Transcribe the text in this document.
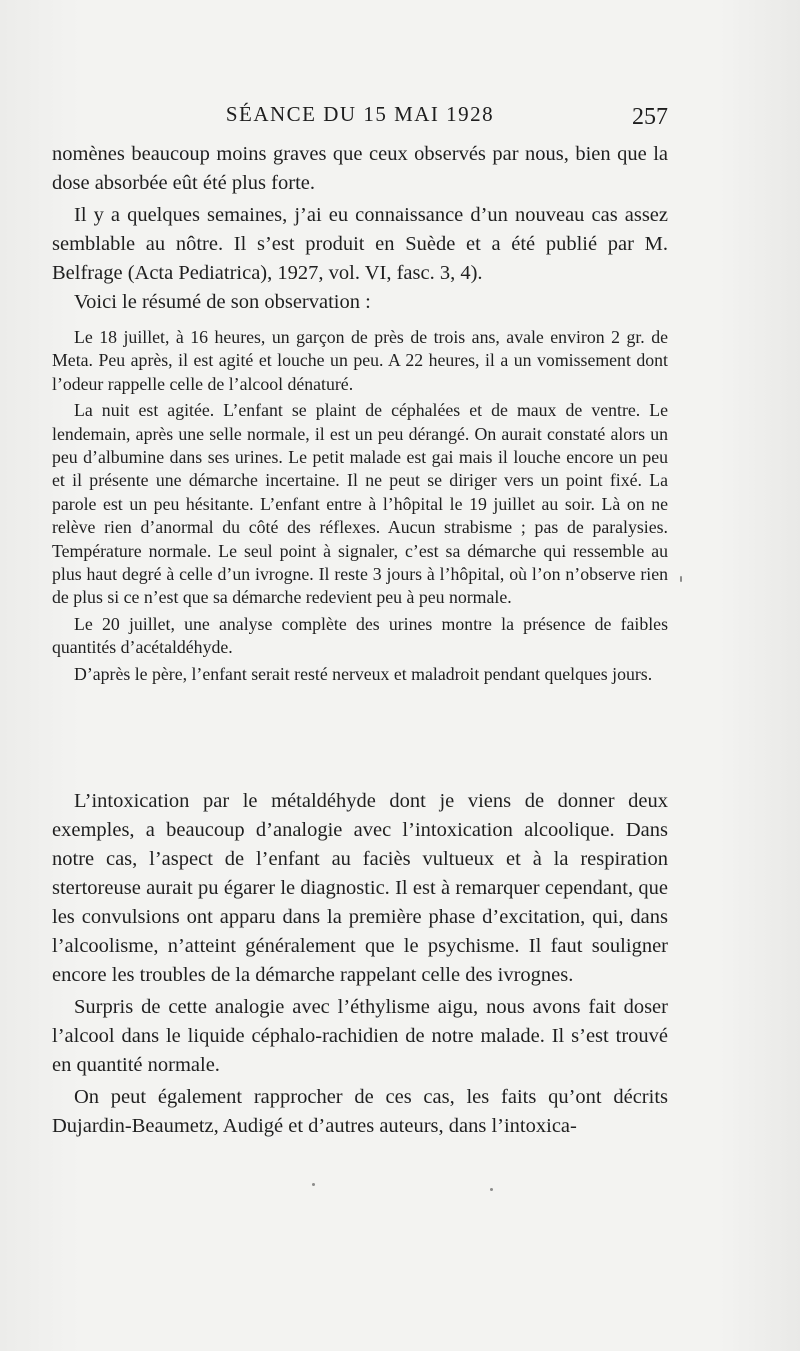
SÉANCE DU 15 MAI 1928	257

nomènes beaucoup moins graves que ceux observés par nous, bien que la dose absorbée eût été plus forte.

Il y a quelques semaines, j’ai eu connaissance d’un nouveau cas assez semblable au nôtre. Il s’est produit en Suède et a été publié par M. Belfrage (Acta Pediatrica), 1927, vol. VI, fasc. 3, 4).

Voici le résumé de son observation :

Le 18 juillet, à 16 heures, un garçon de près de trois ans, avale environ 2 gr. de Meta. Peu après, il est agité et louche un peu. A 22 heures, il a un vomissement dont l’odeur rappelle celle de l’alcool dénaturé.

La nuit est agitée. L’enfant se plaint de céphalées et de maux de ventre. Le lendemain, après une selle normale, il est un peu dérangé. On aurait constaté alors un peu d’albumine dans ses urines. Le petit malade est gai mais il louche encore un peu et il présente une démarche incertaine. Il ne peut se diriger vers un point fixé. La parole est un peu hésitante. L’enfant entre à l’hôpital le 19 juillet au soir. Là on ne relève rien d’anormal du côté des réflexes. Aucun strabisme ; pas de paralysies. Température normale. Le seul point à signaler, c’est sa démarche qui ressemble au plus haut degré à celle d’un ivrogne. Il reste 3 jours à l’hôpital, où l’on n’observe rien de plus si ce n’est que sa démarche redevient peu à peu normale.

Le 20 juillet, une analyse complète des urines montre la présence de faibles quantités d’acétaldéhyde.

D’après le père, l’enfant serait resté nerveux et maladroit pendant quelques jours.

L’intoxication par le métaldéhyde dont je viens de donner deux exemples, a beaucoup d’analogie avec l’intoxication alcoolique. Dans notre cas, l’aspect de l’enfant au faciès vultueux et à la respiration stertoreuse aurait pu égarer le diagnostic. Il est à remarquer cependant, que les convulsions ont apparu dans la première phase d’excitation, qui, dans l’alcoolisme, n’atteint généralement que le psychisme. Il faut souligner encore les troubles de la démarche rappelant celle des ivrognes.

Surpris de cette analogie avec l’éthylisme aigu, nous avons fait doser l’alcool dans le liquide céphalo-rachidien de notre malade. Il s’est trouvé en quantité normale.

On peut également rapprocher de ces cas, les faits qu’ont décrits Dujardin-Beaumetz, Audigé et d’autres auteurs, dans l’intoxica-
